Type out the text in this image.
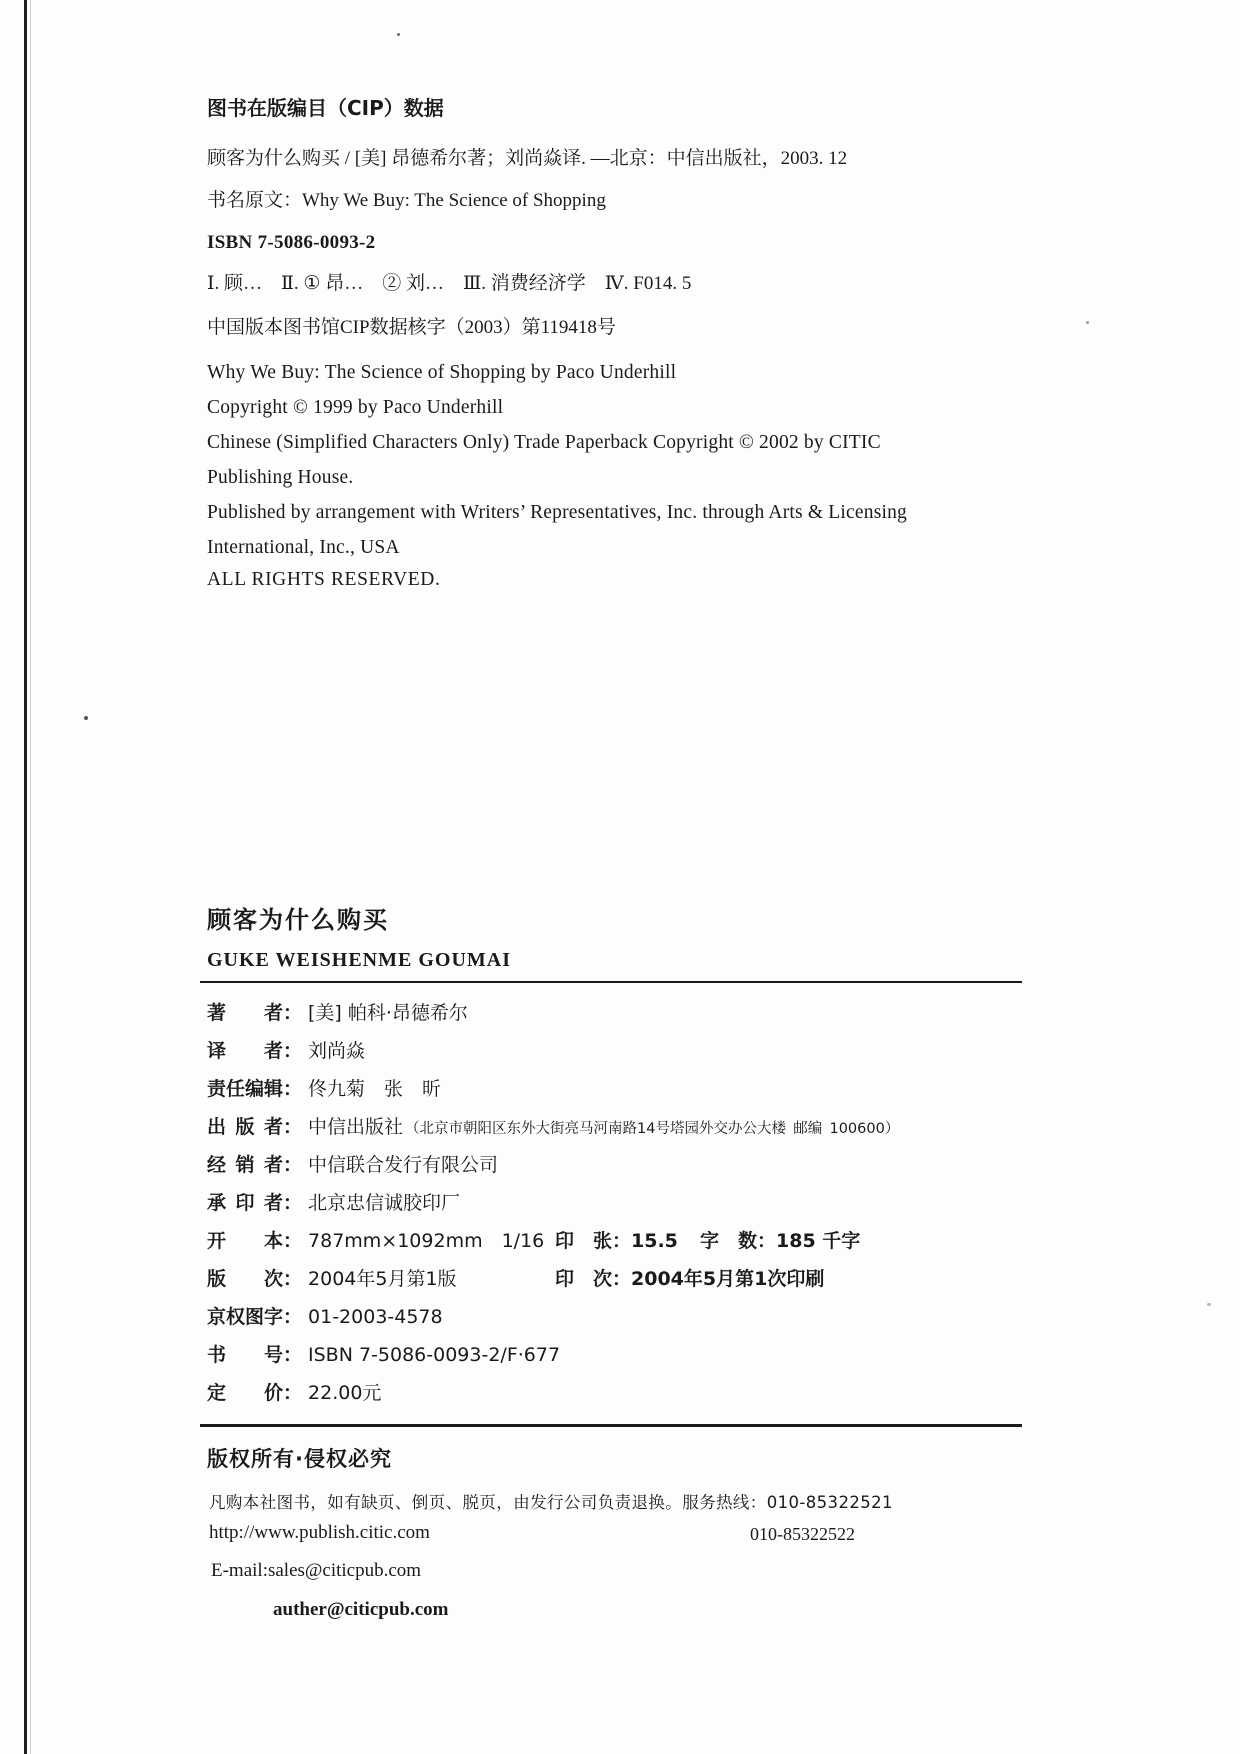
图书在版编目（CIP）数据
顾客为什么购买 / [美] 昂德希尔著；刘尚焱译. —北京：中信出版社，2003. 12
书名原文：Why We Buy: The Science of Shopping
ISBN 7-5086-0093-2
Ⅰ. 顾…　Ⅱ. ① 昂…　② 刘…　Ⅲ. 消费经济学　Ⅳ. F014. 5
中国版本图书馆CIP数据核字（2003）第119418号
Why We Buy: The Science of Shopping by Paco Underhill
Copyright © 1999 by Paco Underhill
Chinese (Simplified Characters Only) Trade Paperback Copyright © 2002 by CITIC
Publishing House.
Published by arrangement with Writers’ Representatives, Inc. through Arts & Licensing
International, Inc., USA
ALL RIGHTS RESERVED.
顾客为什么购买
GUKE WEISHENME GOUMAI
著　　者： [美] 帕科·昂德希尔
译　　者： 刘尚焱
责任编辑： 佟九菊　张　昕
出 版 者： 中信出版社 （北京市朝阳区东外大街亮马河南路14号塔园外交办公大楼 邮编 100600）
经 销 者： 中信联合发行有限公司
承 印 者： 北京忠信诚胶印厂
开　　本： 787mm×1092mm　1/16 印　张：15.5 字　数：185 千字
版　　次： 2004年5月第1版	印　次：2004年5月第1次印刷
京权图字： 01-2003-4578
书　　号： ISBN 7-5086-0093-2/F·677
定　　价： 22.00元
版权所有·侵权必究
凡购本社图书，如有缺页、倒页、脱页，由发行公司负责退换。服务热线：010-85322521
http://www.publish.citic.com	010-85322522
E-mail:sales@citicpub.com
auther@citicpub.com
